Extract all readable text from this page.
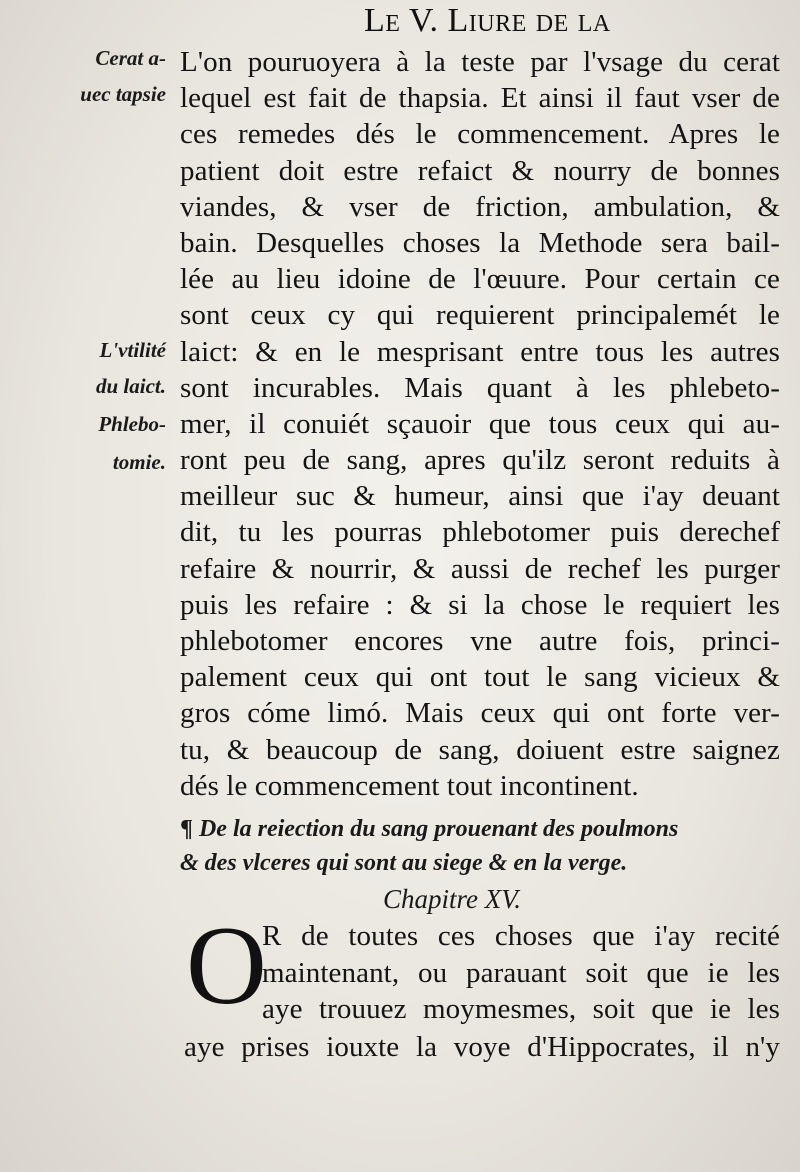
Le V. Liure de la
Cerat a-
uec tapsie
L'vtilité
du laict.
Phlebo-
tomie.
L'on pouruoyera à la teste par l'vsage du cerat
lequel est fait de thapsia. Et ainsi il faut vser de
ces remedes dés le commencement. Apres le
patient doit estre refaict & nourry de bonnes
viandes, & vser de friction, ambulation, &
bain. Desquelles choses la Methode sera bail-
lée au lieu idoine de l'œuure. Pour certain ce
sont ceux cy qui requierent principalemét le
laict: & en le mesprisant entre tous les autres
sont incurables. Mais quant à les phlebeto-
mer, il conuiét sçauoir que tous ceux qui au-
ront peu de sang, apres qu'ilz seront reduits à
meilleur suc & humeur, ainsi que i'ay deuant
dit, tu les pourras phlebotomer puis derechef
refaire & nourrir, & aussi de rechef les purger
puis les refaire : & si la chose le requiert les
phlebotomer encores vne autre fois, princi-
palement ceux qui ont tout le sang vicieux &
gros cóme limó. Mais ceux qui ont forte ver-
tu, & beaucoup de sang, doiuent estre saignez
dés le commencement tout incontinent.
¶ De la reiection du sang prouenant des poulmons
& des vlceres qui sont au siege & en la verge.
Chapitre XV.
O
R de toutes ces choses que i'ay recité
maintenant, ou parauant soit que ie les
aye trouuez moymesmes, soit que ie les
aye prises iouxte la voye d'Hippocrates, il n'y
